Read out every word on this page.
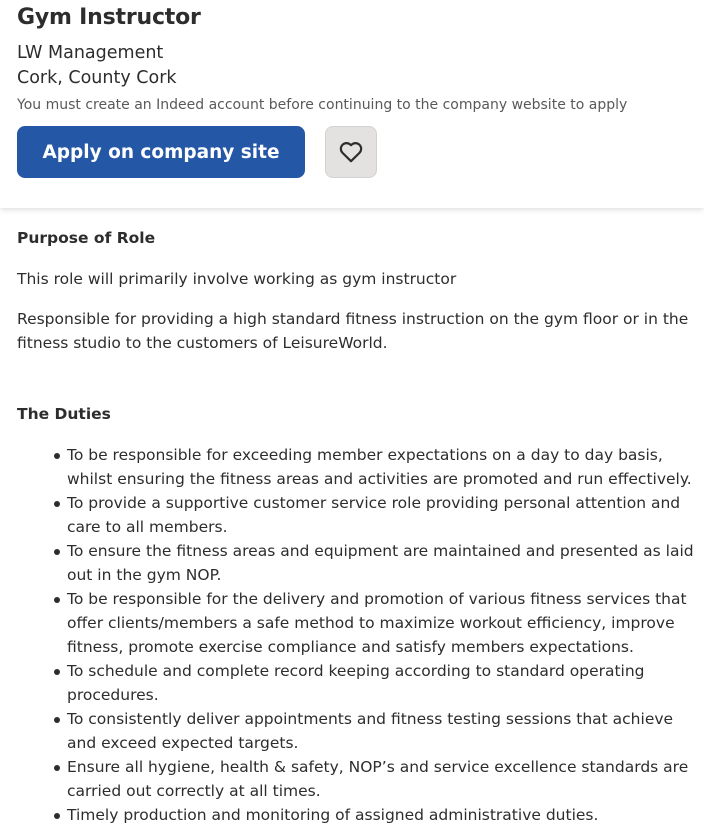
Gym Instructor
LW Management
Cork, County Cork
You must create an Indeed account before continuing to the company website to apply
Apply on company site
Purpose of Role

This role will primarily involve working as gym instructor

Responsible for providing a high standard fitness instruction on the gym floor or in the fitness studio to the customers of LeisureWorld.

The Duties
To be responsible for exceeding member expectations on a day to day basis, whilst ensuring the fitness areas and activities are promoted and run effectively.
To provide a supportive customer service role providing personal attention and care to all members.
To ensure the fitness areas and equipment are maintained and presented as laid out in the gym NOP.
To be responsible for the delivery and promotion of various fitness services that offer clients/members a safe method to maximize workout efficiency, improve fitness, promote exercise compliance and satisfy members expectations.
To schedule and complete record keeping according to standard operating procedures.
To consistently deliver appointments and fitness testing sessions that achieve and exceed expected targets.
Ensure all hygiene, health & safety, NOP’s and service excellence standards are carried out correctly at all times.
Timely production and monitoring of assigned administrative duties.
